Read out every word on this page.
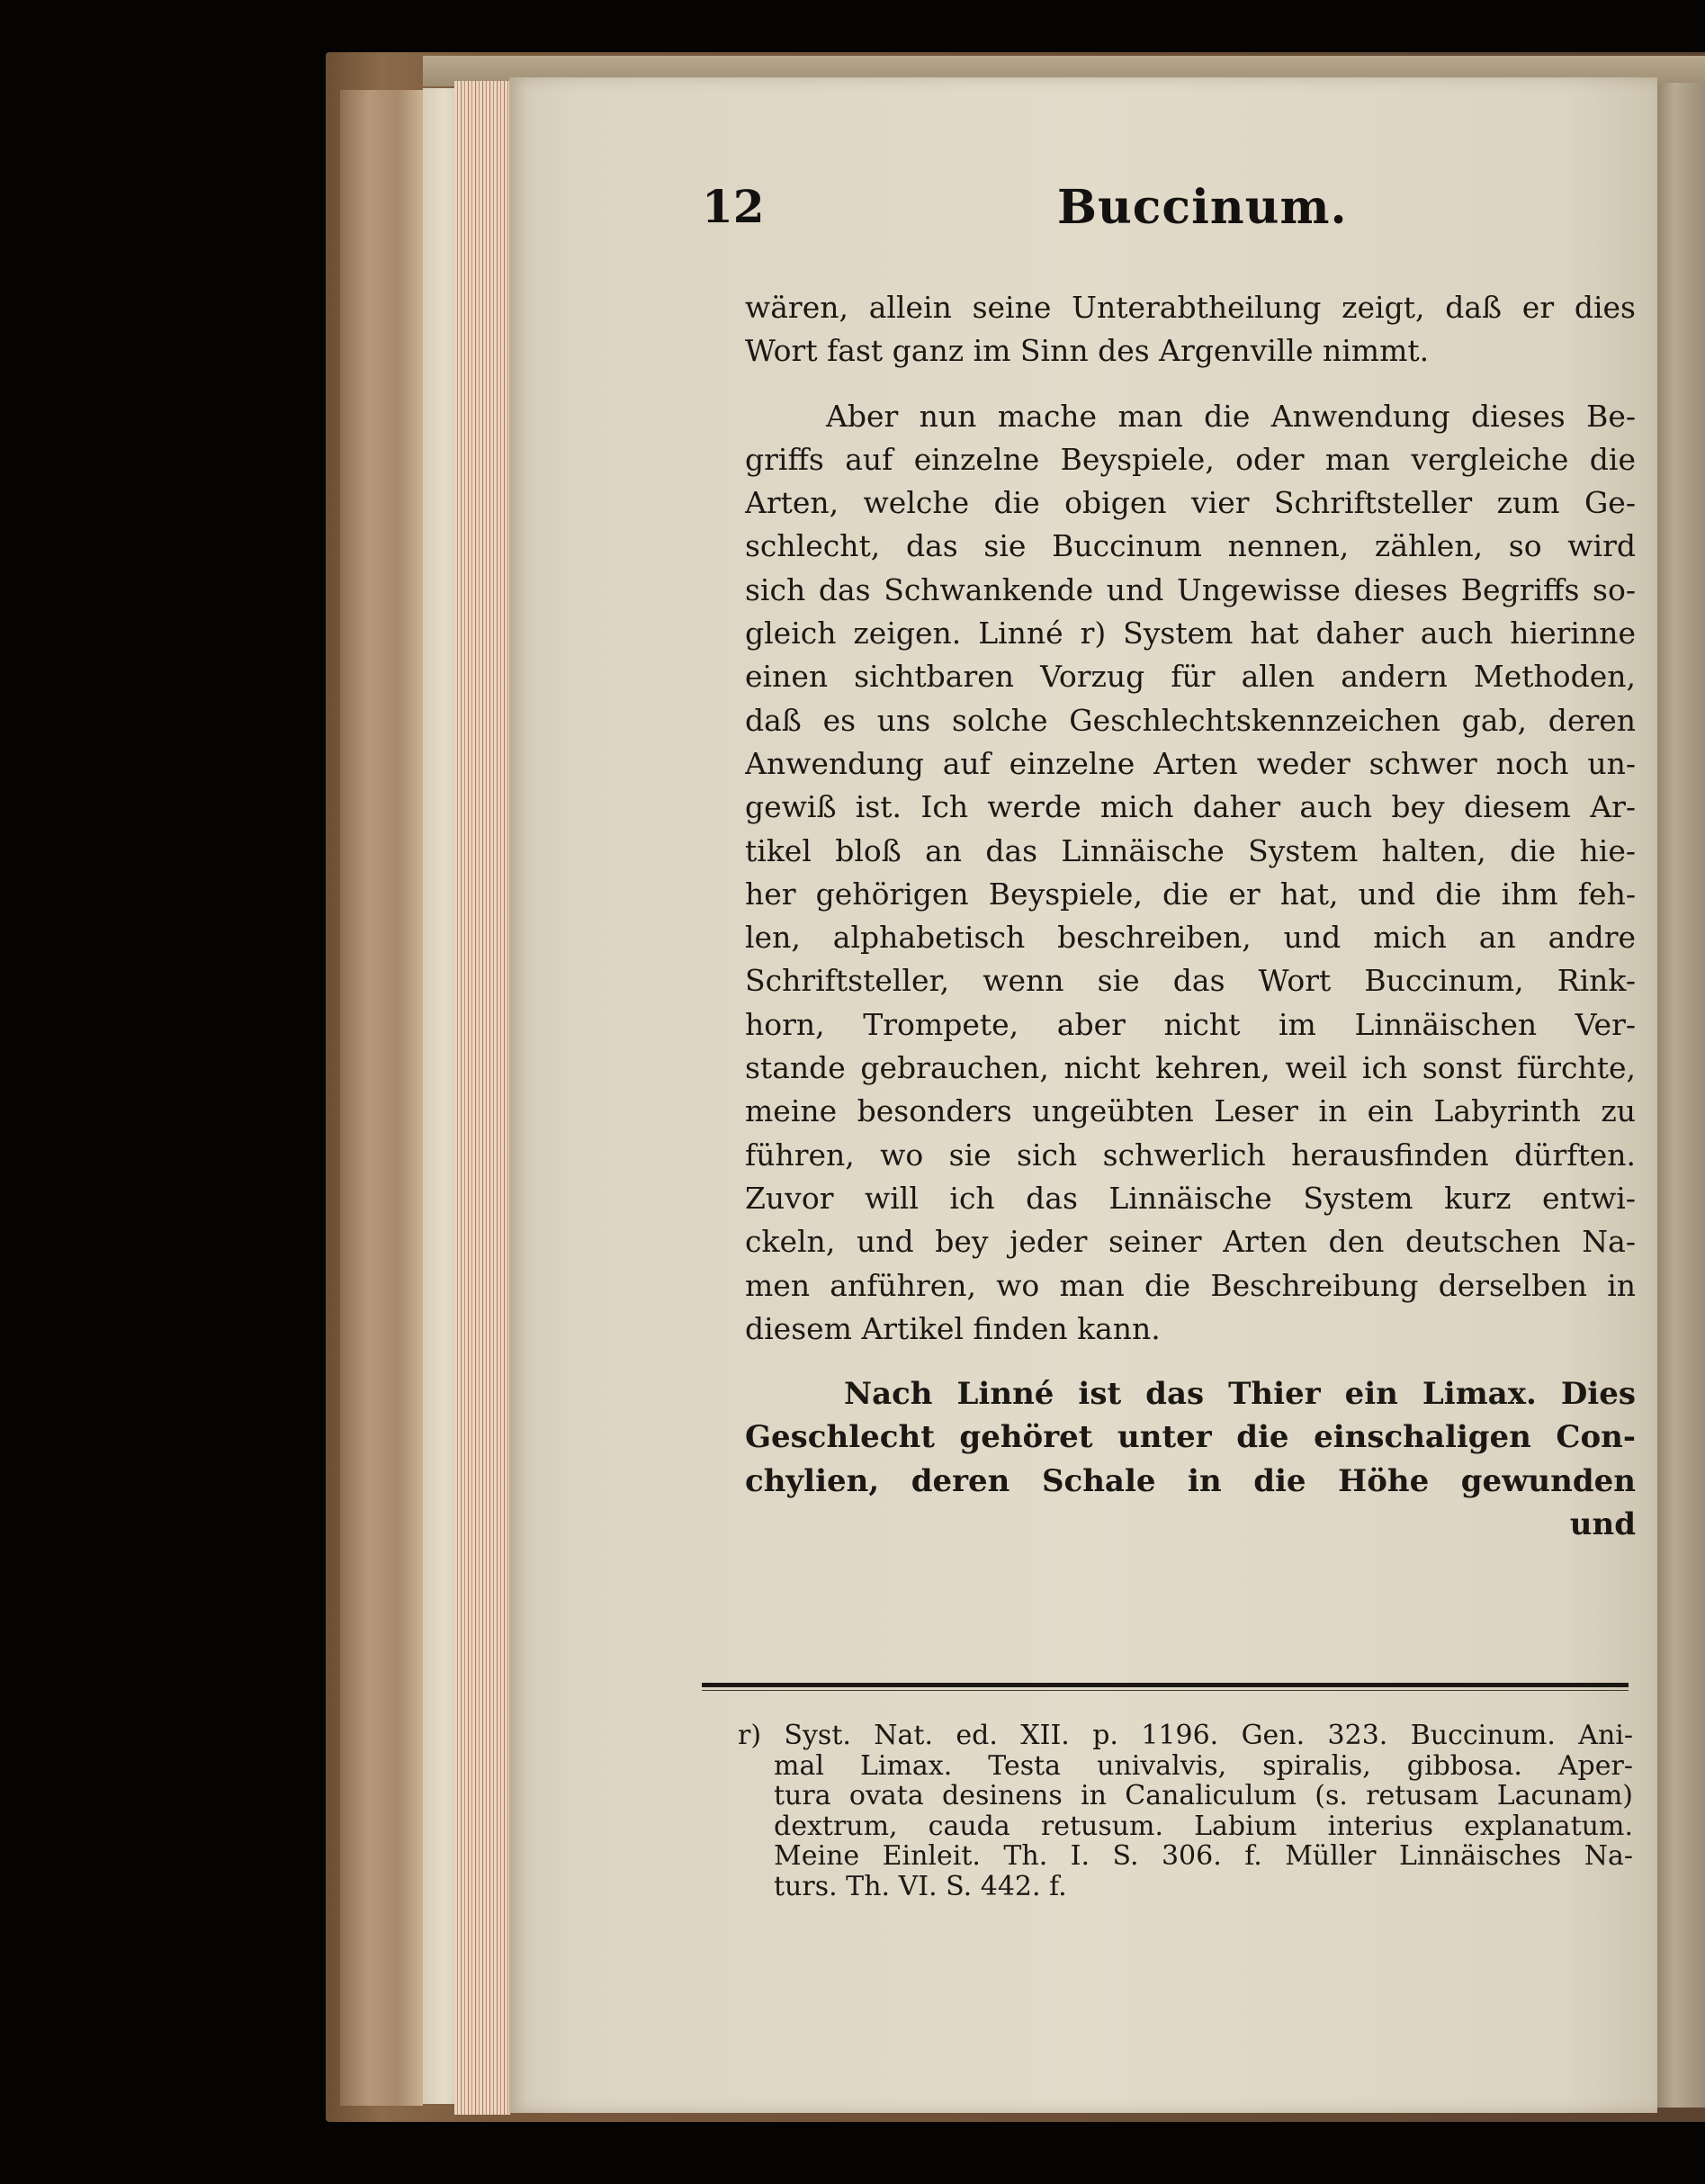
12	Buccinum.
wären, allein seine Unterabtheilung zeigt, daß er dies
Wort fast ganz im Sinn des Argenville nimmt.
Aber nun mache man die Anwendung dieses Be-
griffs auf einzelne Beyspiele, oder man vergleiche die
Arten, welche die obigen vier Schriftsteller zum Ge-
schlecht, das sie Buccinum nennen, zählen, so wird
sich das Schwankende und Ungewisse dieses Begriffs so-
gleich zeigen. Linné r) System hat daher auch hierinne
einen sichtbaren Vorzug für allen andern Methoden,
daß es uns solche Geschlechtskennzeichen gab, deren
Anwendung auf einzelne Arten weder schwer noch un-
gewiß ist. Ich werde mich daher auch bey diesem Ar-
tikel bloß an das Linnäische System halten, die hie-
her gehörigen Beyspiele, die er hat, und die ihm feh-
len, alphabetisch beschreiben, und mich an andre
Schriftsteller, wenn sie das Wort Buccinum, Rink-
horn, Trompete, aber nicht im Linnäischen Ver-
stande gebrauchen, nicht kehren, weil ich sonst fürchte,
meine besonders ungeübten Leser in ein Labyrinth zu
führen, wo sie sich schwerlich herausfinden dürften.
Zuvor will ich das Linnäische System kurz entwi-
ckeln, und bey jeder seiner Arten den deutschen Na-
men anführen, wo man die Beschreibung derselben in
diesem Artikel finden kann.
Nach Linné ist das Thier ein Limax. Dies
Geschlecht gehöret unter die einschaligen Con-
chylien, deren Schale in die Höhe gewunden
und
r) Syst. Nat. ed. XII. p. 1196. Gen. 323. Buccinum. Ani-
mal Limax. Testa univalvis, spiralis, gibbosa. Aper-
tura ovata desinens in Canaliculum (s. retusam Lacunam)
dextrum, cauda retusum. Labium interius explanatum.
Meine Einleit. Th. I. S. 306. f. Müller Linnäisches Na-
turs. Th. VI. S. 442. f.
